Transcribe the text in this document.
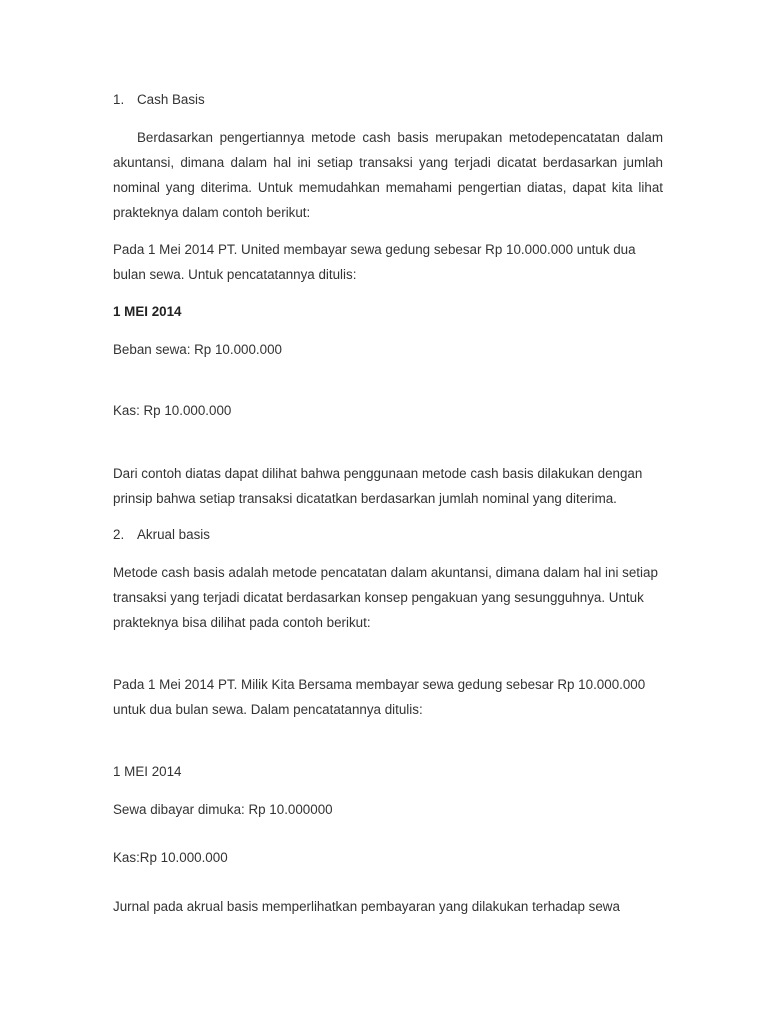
1. Cash Basis
Berdasarkan pengertiannya metode cash basis merupakan metodepencatatan dalam
akuntansi, dimana dalam hal ini setiap transaksi yang terjadi dicatat berdasarkan jumlah
nominal yang diterima. Untuk memudahkan memahami pengertian diatas, dapat kita lihat
prakteknya dalam contoh berikut:
Pada 1 Mei 2014 PT. United membayar sewa gedung sebesar Rp 10.000.000 untuk dua
bulan sewa. Untuk pencatatannya ditulis:
1 MEI 2014
Beban sewa: Rp 10.000.000
Kas: Rp 10.000.000
Dari contoh diatas dapat dilihat bahwa penggunaan metode cash basis dilakukan dengan
prinsip bahwa setiap transaksi dicatatkan berdasarkan jumlah nominal yang diterima.
2. Akrual basis
Metode cash basis adalah metode pencatatan dalam akuntansi, dimana dalam hal ini setiap
transaksi yang terjadi dicatat berdasarkan konsep pengakuan yang sesungguhnya. Untuk
prakteknya bisa dilihat pada contoh berikut:
Pada 1 Mei 2014 PT. Milik Kita Bersama membayar sewa gedung sebesar Rp 10.000.000
untuk dua bulan sewa. Dalam pencatatannya ditulis:
1 MEI 2014
Sewa dibayar dimuka: Rp 10.000000
Kas:Rp 10.000.000
Jurnal pada akrual basis memperlihatkan pembayaran yang dilakukan terhadap sewa
